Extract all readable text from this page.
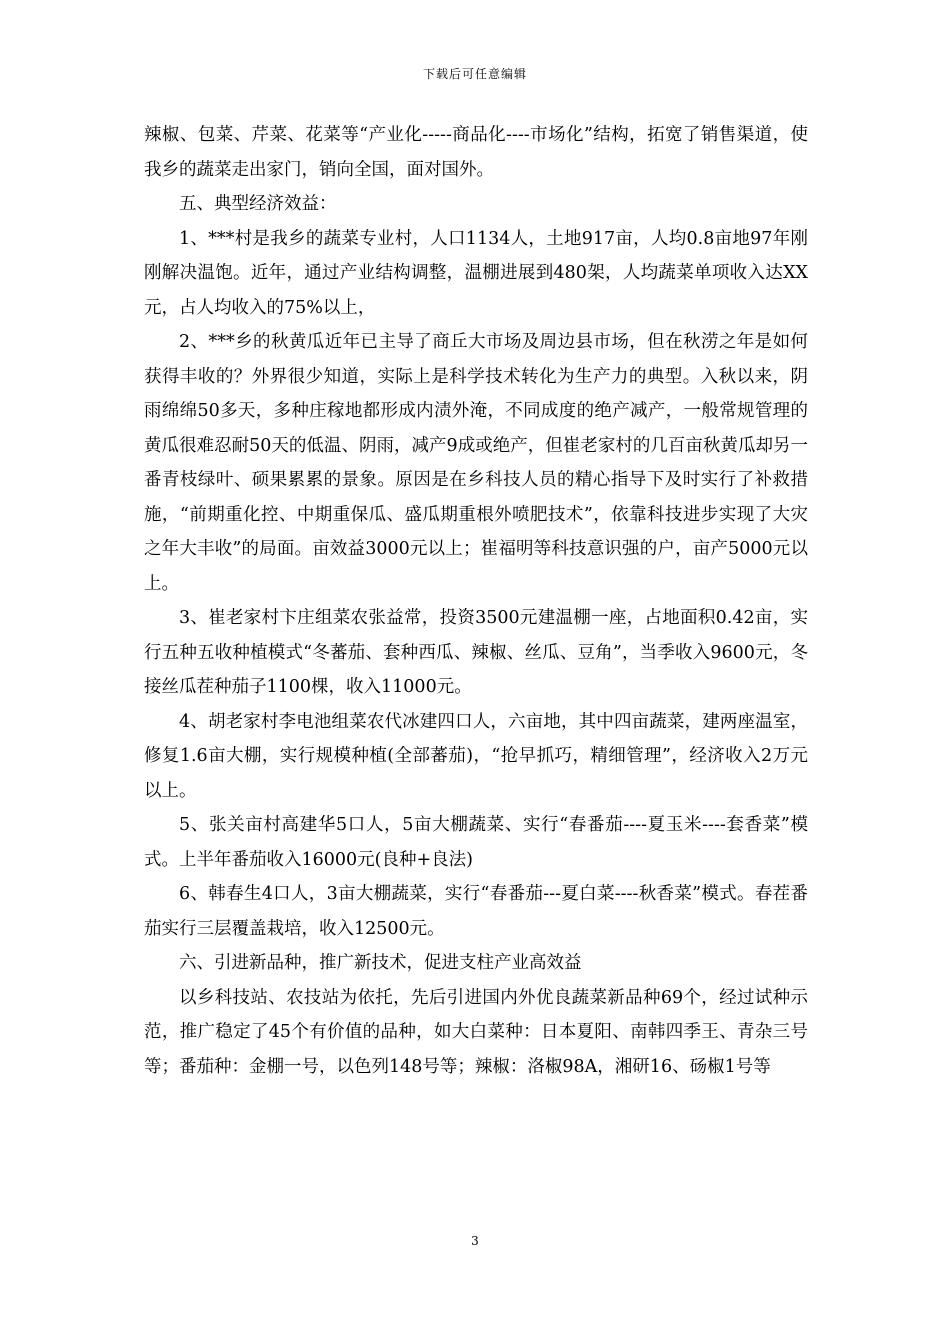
下载后可任意编辑

辣椒、包菜、芹菜、花菜等“产业化-----商品化----市场化”结构，拓宽了销售渠道，使我乡的蔬菜走出家门，销向全国，面对国外。

五、典型经济效益：

1、***村是我乡的蔬菜专业村，人口1134人，土地917亩，人均0.8亩地97年刚刚解决温饱。近年，通过产业结构调整，温棚进展到480架，人均蔬菜单项收入达XX元，占人均收入的75%以上，

2、***乡的秋黄瓜近年已主导了商丘大市场及周边县市场，但在秋涝之年是如何获得丰收的？外界很少知道，实际上是科学技术转化为生产力的典型。入秋以来，阴雨绵绵50多天，多种庄稼地都形成内渍外淹，不同成度的绝产减产，一般常规管理的黄瓜很难忍耐50天的低温、阴雨，减产9成或绝产，但崔老家村的几百亩秋黄瓜却另一番青枝绿叶、硕果累累的景象。原因是在乡科技人员的精心指导下及时实行了补救措施，“前期重化控、中期重保瓜、盛瓜期重根外喷肥技术”，依靠科技进步实现了大灾之年大丰收”的局面。亩效益3000元以上；崔福明等科技意识强的户，亩产5000元以上。

3、崔老家村卞庄组菜农张益常，投资3500元建温棚一座，占地面积0.42亩，实行五种五收种植模式“冬蕃茄、套种西瓜、辣椒、丝瓜、豆角”，当季收入9600元，冬接丝瓜茬种茄子1100棵，收入11000元。

4、胡老家村李电池组菜农代冰建四口人，六亩地，其中四亩蔬菜，建两座温室，修复1.6亩大棚，实行规模种植(全部蕃茄)，“抢早抓巧，精细管理”，经济收入2万元以上。

5、张关亩村高建华5口人，5亩大棚蔬菜、实行“春番茄----夏玉米----套香菜”模式。上半年番茄收入16000元(良种+良法)

6、韩春生4口人，3亩大棚蔬菜，实行“春番茄---夏白菜----秋香菜”模式。春茬番茄实行三层覆盖栽培，收入12500元。

六、引进新品种，推广新技术，促进支柱产业高效益

以乡科技站、农技站为依托，先后引进国内外优良蔬菜新品种69个，经过试种示范，推广稳定了45个有价值的品种，如大白菜种：日本夏阳、南韩四季王、青杂三号等；番茄种：金棚一号，以色列148号等；辣椒：洛椒98A，湘研16、砀椒1号等

3
